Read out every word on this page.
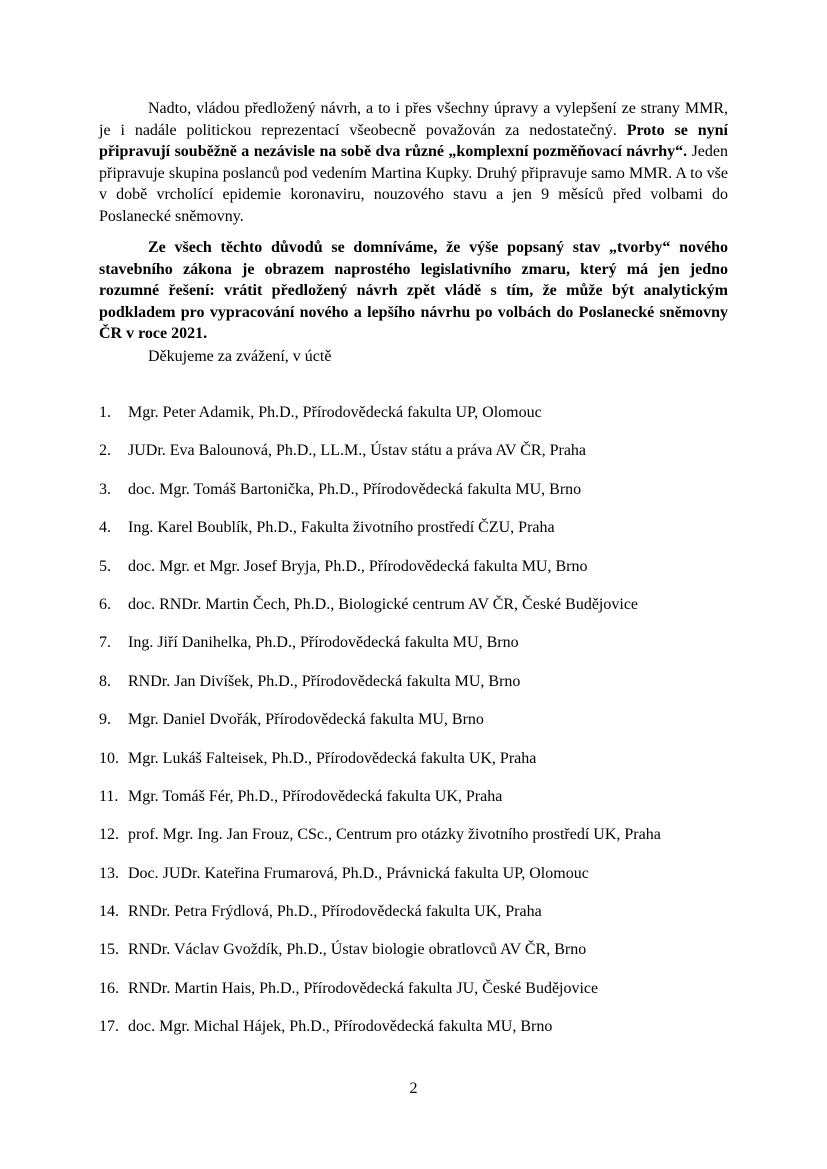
Nadto, vládou předložený návrh, a to i přes všechny úpravy a vylepšení ze strany MMR, je i nadále politickou reprezentací všeobecně považován za nedostatečný. Proto se nyní připravují souběžně a nezávisle na sobě dva různé „komplexní pozměňovací návrhy“. Jeden připravuje skupina poslanců pod vedením Martina Kupky. Druhý připravuje samo MMR. A to vše v době vrcholící epidemie koronaviru, nouzového stavu a jen 9 měsíců před volbami do Poslanecké sněmovny.

Ze všech těchto důvodů se domníváme, že výše popsaný stav „tvorby“ nového stavebního zákona je obrazem naprostého legislativního zmaru, který má jen jedno rozumné řešení: vrátit předložený návrh zpět vládě s tím, že může být analytickým podkladem pro vypracování nového a lepšího návrhu po volbách do Poslanecké sněmovny ČR v roce 2021.

Děkujeme za zvážení, v úctě

1.	Mgr. Peter Adamik, Ph.D., Přírodovědecká fakulta UP, Olomouc
2.	JUDr. Eva Balounová, Ph.D., LL.M., Ústav státu a práva AV ČR, Praha
3.	doc. Mgr. Tomáš Bartonička, Ph.D., Přírodovědecká fakulta MU, Brno
4.	Ing. Karel Boublík, Ph.D., Fakulta životního prostředí ČZU, Praha
5.	doc. Mgr. et Mgr. Josef Bryja, Ph.D., Přírodovědecká fakulta MU, Brno
6.	doc. RNDr. Martin Čech, Ph.D., Biologické centrum AV ČR, České Budějovice
7.	Ing. Jiří Danihelka, Ph.D., Přírodovědecká fakulta MU, Brno
8.	RNDr. Jan Divíšek, Ph.D., Přírodovědecká fakulta MU, Brno
9.	Mgr. Daniel Dvořák, Přírodovědecká fakulta MU, Brno
10. Mgr. Lukáš Falteisek, Ph.D., Přírodovědecká fakulta UK, Praha
11. Mgr. Tomáš Fér, Ph.D., Přírodovědecká fakulta UK, Praha
12. prof. Mgr. Ing. Jan Frouz, CSc., Centrum pro otázky životního prostředí UK, Praha
13. Doc. JUDr. Kateřina Frumarová, Ph.D., Právnická fakulta UP, Olomouc
14. RNDr. Petra Frýdlová, Ph.D., Přírodovědecká fakulta UK, Praha
15. RNDr. Václav Gvoždík, Ph.D., Ústav biologie obratlovců AV ČR, Brno
16. RNDr. Martin Hais, Ph.D., Přírodovědecká fakulta JU, České Budějovice
17. doc. Mgr. Michal Hájek, Ph.D., Přírodovědecká fakulta MU, Brno

2
